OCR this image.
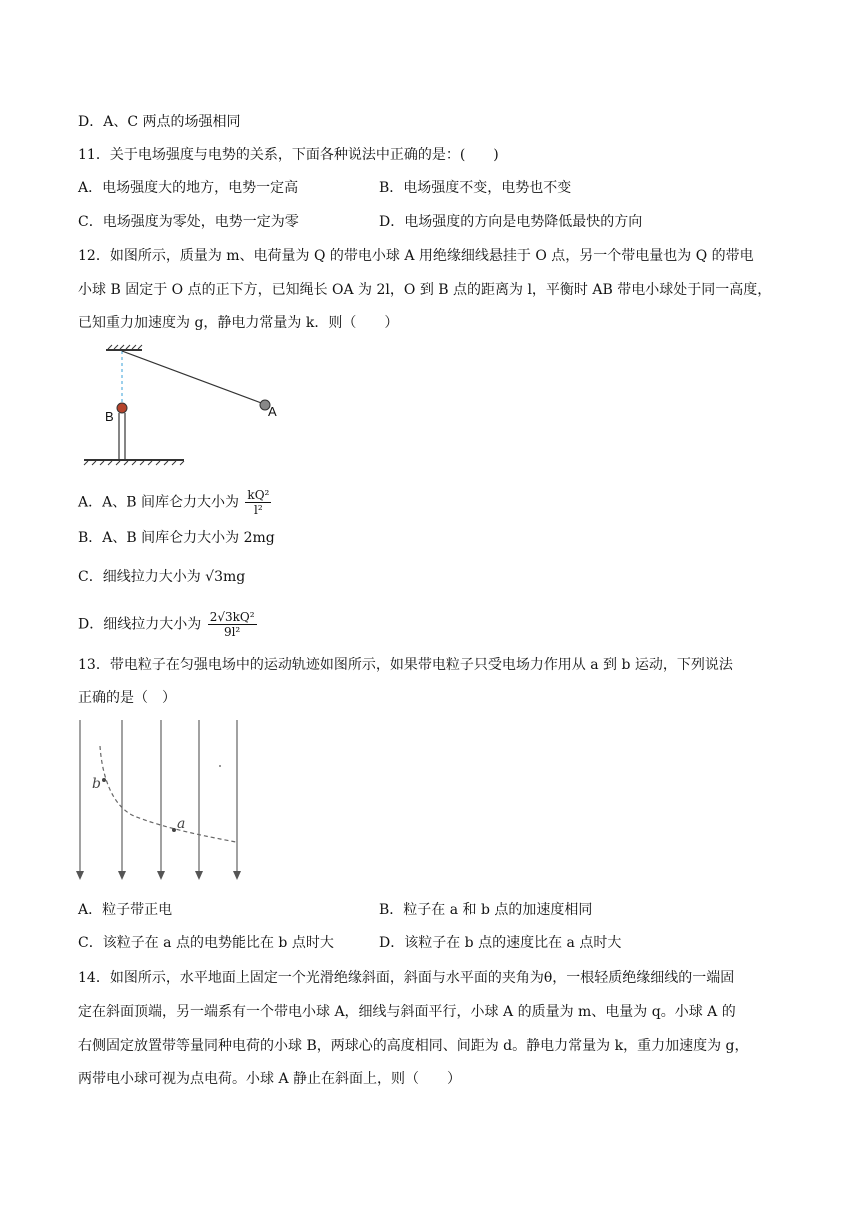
D．A、C 两点的场强相同
11．关于电场强度与电势的关系，下面各种说法中正确的是：(　　)
A．电场强度大的地方，电势一定高	B．电场强度不变，电势也不变
C．电场强度为零处，电势一定为零	D．电场强度的方向是电势降低最快的方向
12．如图所示，质量为 m、电荷量为 Q 的带电小球 A 用绝缘细线悬挂于 O 点，另一个带电量也为 Q 的带电
小球 B 固定于 O 点的正下方，已知绳长 OA 为 2l，O 到 B 点的距离为 l，平衡时 AB 带电小球处于同一高度，
已知重力加速度为 g，静电力常量为 k．则（　　）
A
B
A．A、B 间库仑力大小为 $\frac{\text{kQ²}}{\text{l²}}$
B．A、B 间库仑力大小为 2mg
C．细线拉力大小为 √3mg
D．细线拉力大小为 $\frac{\text{2√3kQ²}}{\text{9l²}}$
13．带电粒子在匀强电场中的运动轨迹如图所示，如果带电粒子只受电场力作用从 a 到 b 运动，下列说法
正确的是（　）
b
a
A．粒子带正电	B．粒子在 a 和 b 点的加速度相同
C．该粒子在 a 点的电势能比在 b 点时大	D．该粒子在 b 点的速度比在 a 点时大
14．如图所示，水平地面上固定一个光滑绝缘斜面，斜面与水平面的夹角为θ，一根轻质绝缘细线的一端固
定在斜面顶端，另一端系有一个带电小球 A，细线与斜面平行，小球 A 的质量为 m、电量为 q。小球 A 的
右侧固定放置带等量同种电荷的小球 B，两球心的高度相同、间距为 d。静电力常量为 k，重力加速度为 g，
两带电小球可视为点电荷。小球 A 静止在斜面上，则（　　）
